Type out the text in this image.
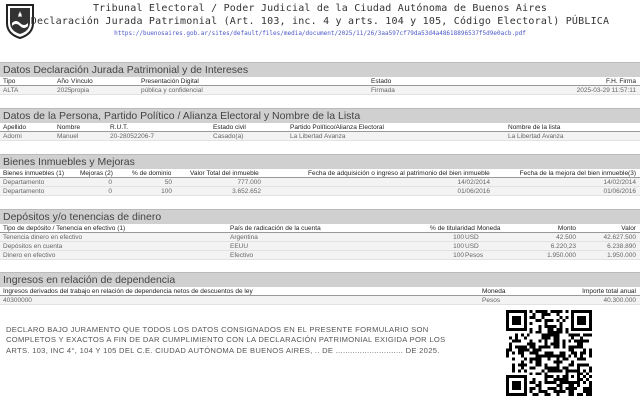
Tribunal Electoral / Poder Judicial de la Ciudad Autónoma de Buenos Aires
Declaración Jurada Patrimonial (Art. 103, inc. 4 y arts. 104 y 105, Código Electoral) PÚBLICA
https://buenosaires.gob.ar/sites/default/files/media/document/2025/11/26/3aa597cf79da53d4a48618896537f5d9e0acb.pdf
Datos Declaración Jurada Patrimonial y de Intereses
Tipo	Año Vínculo	Presentación Digital	Estado	F.H. Firma
ALTA	2025 propia	pública y confidencial	Firmada	2025-03-29 11:57:11
Datos de la Persona, Partido Político / Alianza Electoral y Nombre de la Lista
Apellido	Nombre	R.U.T.	Estado civil	Partido Político/Alianza Electoral	Nombre de la lista
Adorni	Manuel	20-28052206-7	Casado(a)	La Libertad Avanza	La Libertad Avanza
Bienes Inmuebles y Mejoras
Bienes inmuebles (1) Mejoras (2)	% de dominio	Valor Total del inmueble	Fecha de adquisición o ingreso al patrimonio del bien inmueble	Fecha de la mejora del bien inmueble(3)
Departamento	0	50	777.000	14/02/2014	14/02/2014
Departamento	0	100	3.652.652	01/06/2016	01/06/2016
Depósitos y/o tenencias de dinero
Tipo de depósito / Tenencia en efectivo (1)	País de radicación de la cuenta	% de titularidad Moneda	Monto	Valor
Tenencia dinero en efectivo	Argentina	100 USD	42.500	42.627.500
Depósitos en cuenta	EEUU	100 USD	6.220,23	6.238.890
Dinero en efectivo	Efectivo	100 Pesos	1.950.000	1.950.000
Ingresos en relación de dependencia
Ingresos derivados del trabajo en relación de dependencia netos de descuentos de ley	Moneda	Importe total anual
40300000	Pesos	40.300.000
DECLARO BAJO JURAMENTO QUE TODOS LOS DATOS CONSIGNADOS EN EL PRESENTE FORMULARIO SON COMPLETOS Y EXACTOS A FIN DE DAR CUMPLIMIENTO CON LA DECLARACIÓN PATRIMONIAL EXIGIDA POR LOS ARTS. 103, INC 4°, 104 Y 105 DEL C.E. CIUDAD AUTÓNOMA DE BUENOS AIRES, .. DE ............................ DE 2025.
